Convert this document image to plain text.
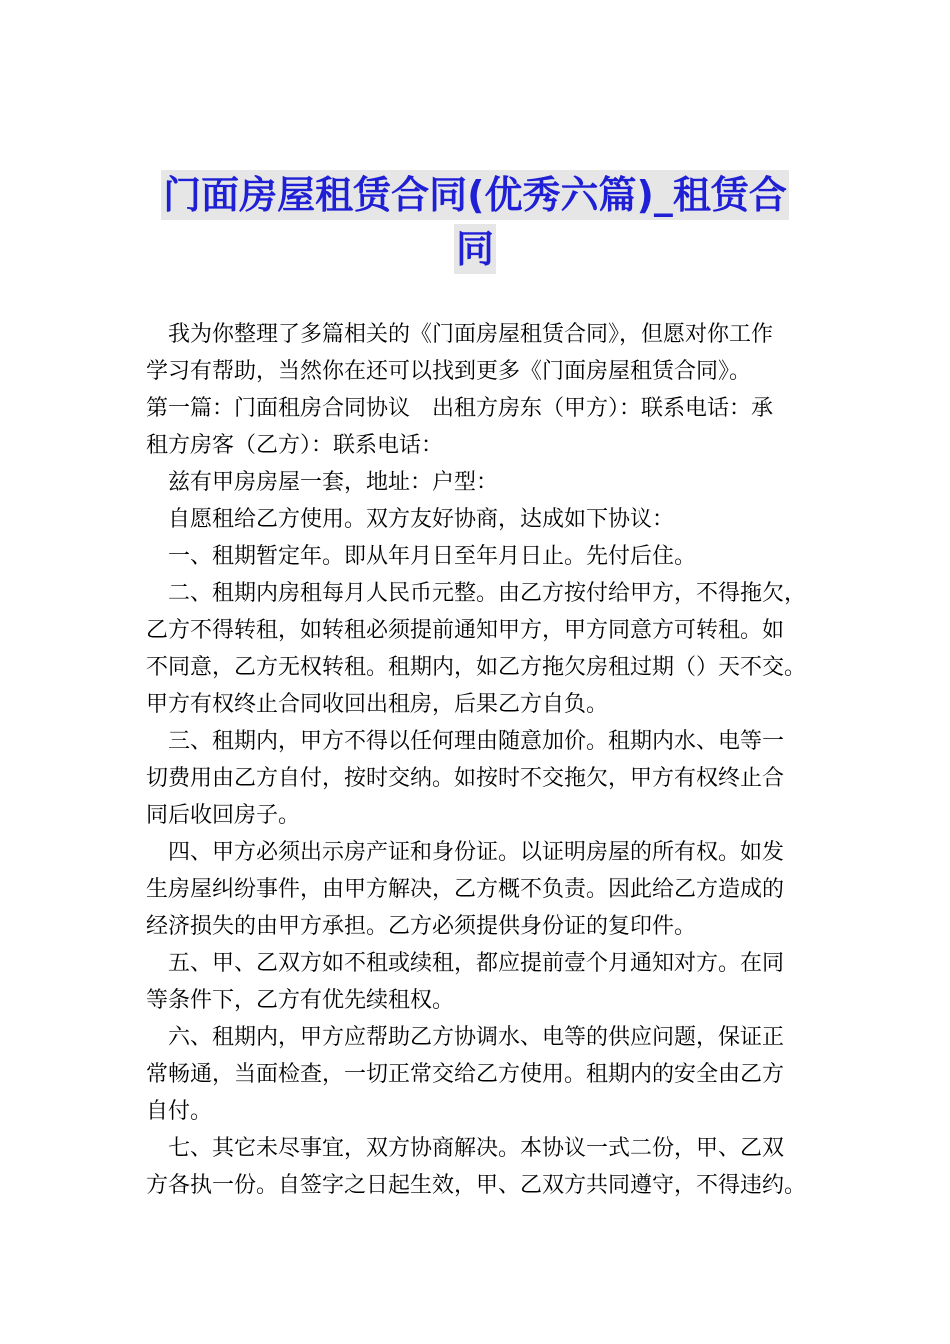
门面房屋租赁合同(优秀六篇)_租赁合
同
我为你整理了多篇相关的《门面房屋租赁合同》，但愿对你工作
学习有帮助，当然你在还可以找到更多《门面房屋租赁合同》。
第一篇：门面租房合同协议　出租方房东（甲方）：联系电话：承
租方房客（乙方）：联系电话：
兹有甲房房屋一套，地址：户型：
自愿租给乙方使用。双方友好协商，达成如下协议：
一、租期暂定年。即从年月日至年月日止。先付后住。
二、租期内房租每月人民币元整。由乙方按付给甲方，不得拖欠，
乙方不得转租，如转租必须提前通知甲方，甲方同意方可转租。如
不同意，乙方无权转租。租期内，如乙方拖欠房租过期（）天不交。
甲方有权终止合同收回出租房，后果乙方自负。
三、租期内，甲方不得以任何理由随意加价。租期内水、电等一
切费用由乙方自付，按时交纳。如按时不交拖欠，甲方有权终止合
同后收回房子。
四、甲方必须出示房产证和身份证。以证明房屋的所有权。如发
生房屋纠纷事件，由甲方解决，乙方概不负责。因此给乙方造成的
经济损失的由甲方承担。乙方必须提供身份证的复印件。
五、甲、乙双方如不租或续租，都应提前壹个月通知对方。在同
等条件下，乙方有优先续租权。
六、租期内，甲方应帮助乙方协调水、电等的供应问题，保证正
常畅通，当面检查，一切正常交给乙方使用。租期内的安全由乙方
自付。
七、其它未尽事宜，双方协商解决。本协议一式二份，甲、乙双
方各执一份。自签字之日起生效，甲、乙双方共同遵守，不得违约。
